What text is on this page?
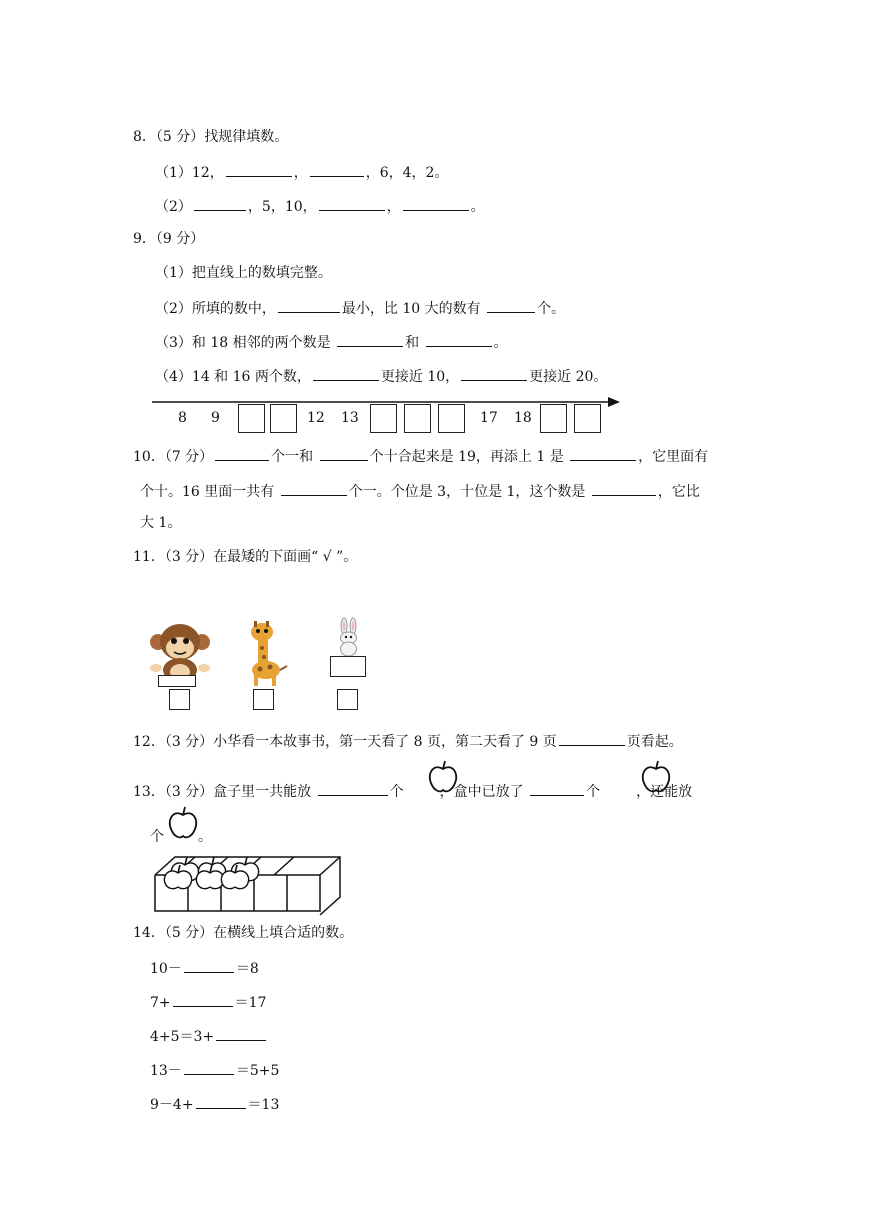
8．（5 分）找规律填数。
（1）12，	，	，6，4，2。
（2）	，5，10，	，	。
9．（9 分）
（1）把直线上的数填完整。
（2）所填的数中，	最小，比 10 大的数有	个。
（3）和 18 相邻的两个数是	和	。
（4）14 和 16 两个数，	更接近 10，	更接近 20。
8 9	12 13	17 18
10．（7 分）	个一和	个十合起来是 19，再添上 1 是	，它里面有
个十。16 里面一共有	个一。个位是 3，十位是 1，这个数是	，它比
大 1。
11．（3 分）在最矮的下面画“ √ ”。
12．（3 分）小华看一本故事书，第一天看了 8 页，第二天看了 9 页	页看起。
13．（3 分）盒子里一共能放	个	，盒中已放了	个	，还能放
个 。
14．（5 分）在横线上填合适的数。
10－	＝8
7+	＝17
4+5＝3+
13－	＝5+5
9－4+	＝13
